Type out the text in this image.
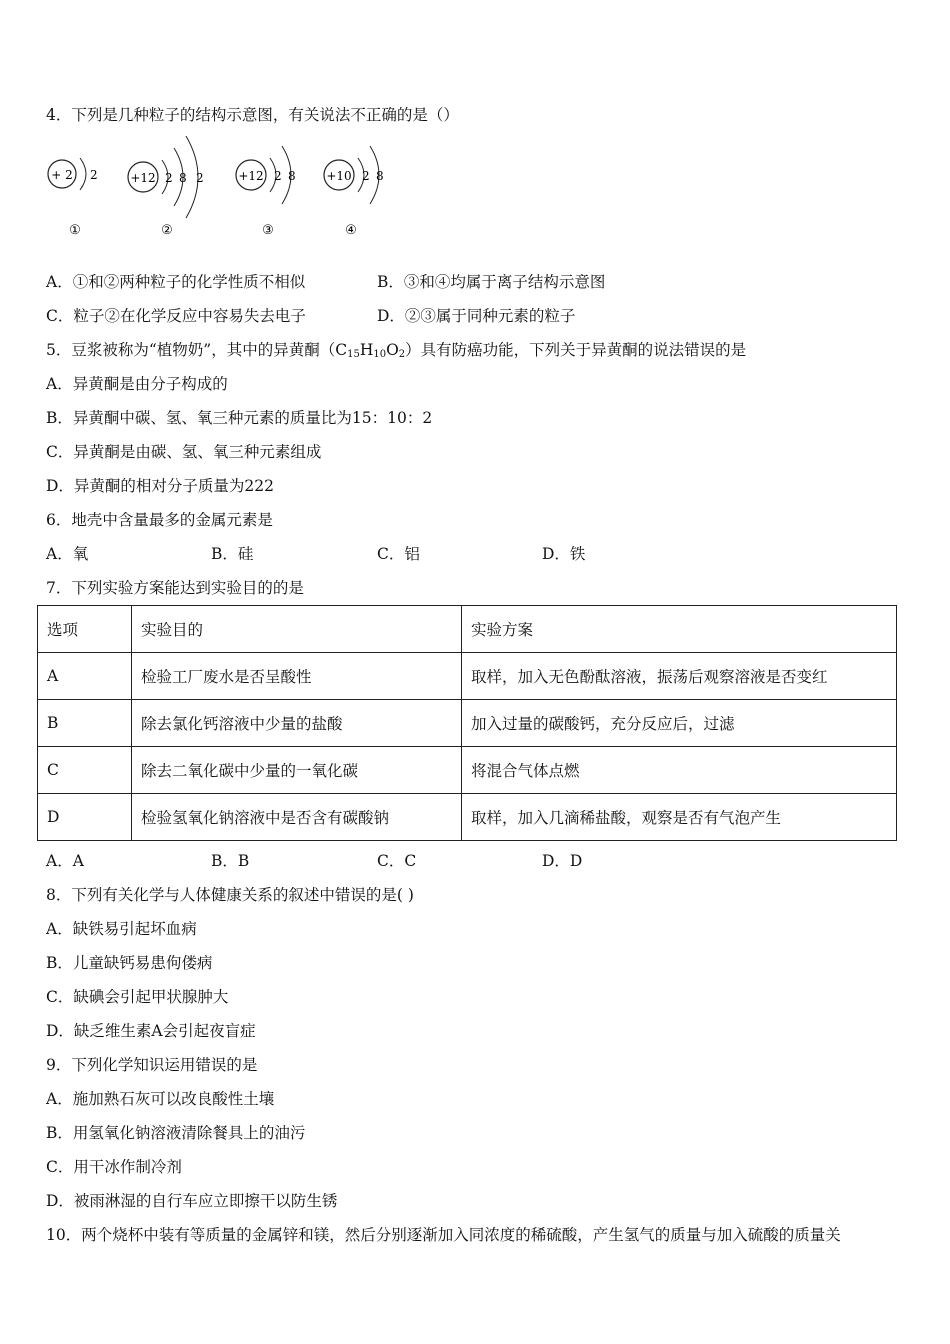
4．下列是几种粒子的结构示意图，有关说法不正确的是（）
+ 2 2
①
+12 2 8 2
②
+12 2 8
③
+10 2 8
④
A．①和②两种粒子的化学性质不相似	B．③和④均属于离子结构示意图
C．粒子②在化学反应中容易失去电子	D．②③属于同种元素的粒子
5．豆浆被称为“植物奶”，其中的异黄酮$(C_{15}H_{10}O_2)$具有防癌功能，下列关于异黄酮的说法错误的是
A．异黄酮是由分子构成的
B．异黄酮中碳、氢、氧三种元素的质量比为15：10：2
C．异黄酮是由碳、氢、氧三种元素组成
D．异黄酮的相对分子质量为222
6．地壳中含量最多的金属元素是
A．氧	B．硅	C．铝	D．铁
7．下列实验方案能达到实验目的的是
选项	实验目的	实验方案
A	检验工厂废水是否呈酸性	取样，加入无色酚酞溶液，振荡后观察溶液是否变红
B	除去氯化钙溶液中少量的盐酸	加入过量的碳酸钙，充分反应后，过滤
C	除去二氧化碳中少量的一氧化碳	将混合气体点燃
D	检验氢氧化钠溶液中是否含有碳酸钠	取样，加入几滴稀盐酸，观察是否有气泡产生
A．A	B．B	C．C	D．D
8．下列有关化学与人体健康关系的叙述中错误的是( )
A．缺铁易引起坏血病
B．儿童缺钙易患佝偻病
C．缺碘会引起甲状腺肿大
D．缺乏维生素A会引起夜盲症
9．下列化学知识运用错误的是
A．施加熟石灰可以改良酸性土壤
B．用氢氧化钠溶液清除餐具上的油污
C．用干冰作制冷剂
D．被雨淋湿的自行车应立即擦干以防生锈
10．两个烧杯中装有等质量的金属锌和镁，然后分别逐渐加入同浓度的稀硫酸，产生氢气的质量与加入硫酸的质量关
